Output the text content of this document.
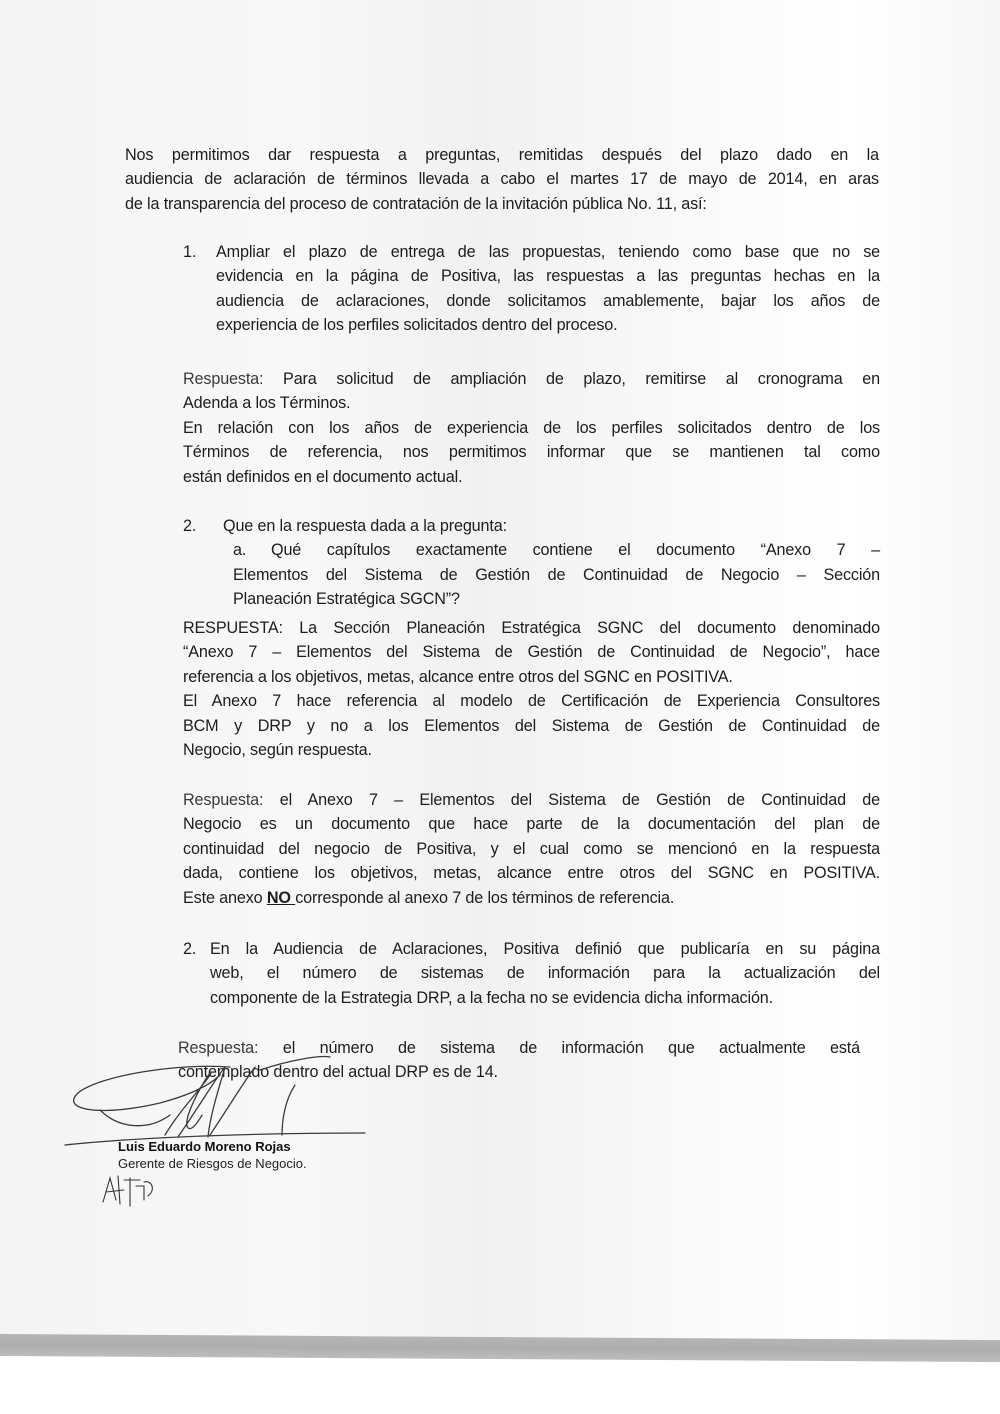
Nos permitimos dar respuesta a preguntas, remitidas después del plazo dado en la
audiencia de aclaración de términos llevada a cabo el martes 17 de mayo de 2014, en aras
de la transparencia del proceso de contratación de la invitación pública No. 11, así:
1. Ampliar el plazo de entrega de las propuestas, teniendo como base que no se
evidencia en la página de Positiva, las respuestas a las preguntas hechas en la
audiencia de aclaraciones, donde solicitamos amablemente, bajar los años de
experiencia de los perfiles solicitados dentro del proceso.
Respuesta: Para solicitud de ampliación de plazo, remitirse al cronograma en
Adenda a los Términos.
En relación con los años de experiencia de los perfiles solicitados dentro de los
Términos de referencia, nos permitimos informar que se mantienen tal como
están definidos en el documento actual.
2. Que en la respuesta dada a la pregunta:
a.	Qué capítulos exactamente contiene el documento “Anexo 7 –
Elementos del Sistema de Gestión de Continuidad de Negocio – Sección
Planeación Estratégica SGCN”?
RESPUESTA: La Sección Planeación Estratégica SGNC del documento denominado
“Anexo 7 – Elementos del Sistema de Gestión de Continuidad de Negocio”, hace
referencia a los objetivos, metas, alcance entre otros del SGNC en POSITIVA.
El Anexo 7 hace referencia al modelo de Certificación de Experiencia Consultores
BCM y DRP y no a los Elementos del Sistema de Gestión de Continuidad de
Negocio, según respuesta.
Respuesta: el Anexo 7 – Elementos del Sistema de Gestión de Continuidad de
Negocio es un documento que hace parte de la documentación del plan de
continuidad del negocio de Positiva, y el cual como se mencionó en la respuesta
dada, contiene los objetivos, metas, alcance entre otros del SGNC en POSITIVA.
Este anexo NO corresponde al anexo 7 de los términos de referencia.
2. En la Audiencia de Aclaraciones, Positiva definió que publicaría en su página
web, el número de sistemas de información para la actualización del
componente de la Estrategia DRP, a la fecha no se evidencia dicha información.
Respuesta: el número de sistema de información que actualmente está
contemplado dentro del actual DRP es de 14.
Luis Eduardo Moreno Rojas
Gerente de Riesgos de Negocio.
